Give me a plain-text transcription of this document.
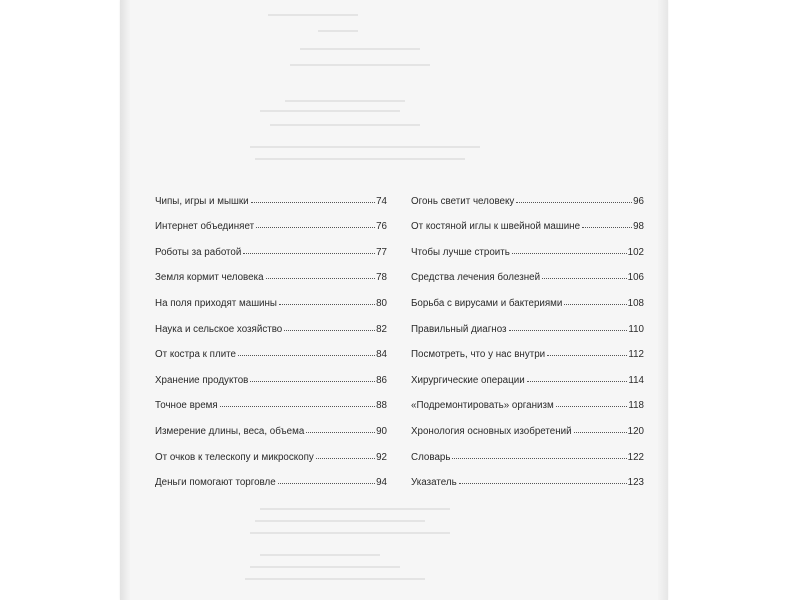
Чипы, игры и мышки	74
Интернет объединяет	76
Роботы за работой	77
Земля кормит человека	78
На поля приходят машины	80
Наука и сельское хозяйство	82
От костра к плите	84
Хранение продуктов	86
Точное время	88
Измерение длины, веса, объема	90
От очков к телескопу и микроскопу	92
Деньги помогают торговле	94
Огонь светит человеку	96
От костяной иглы к швейной машине	98
Чтобы лучше строить	102
Средства лечения болезней	106
Борьба с вирусами и бактериями	108
Правильный диагноз	110
Посмотреть, что у нас внутри	112
Хирургические операции	114
«Подремонтировать» организм	118
Хронология основных изобретений	120
Словарь	122
Указатель	123
